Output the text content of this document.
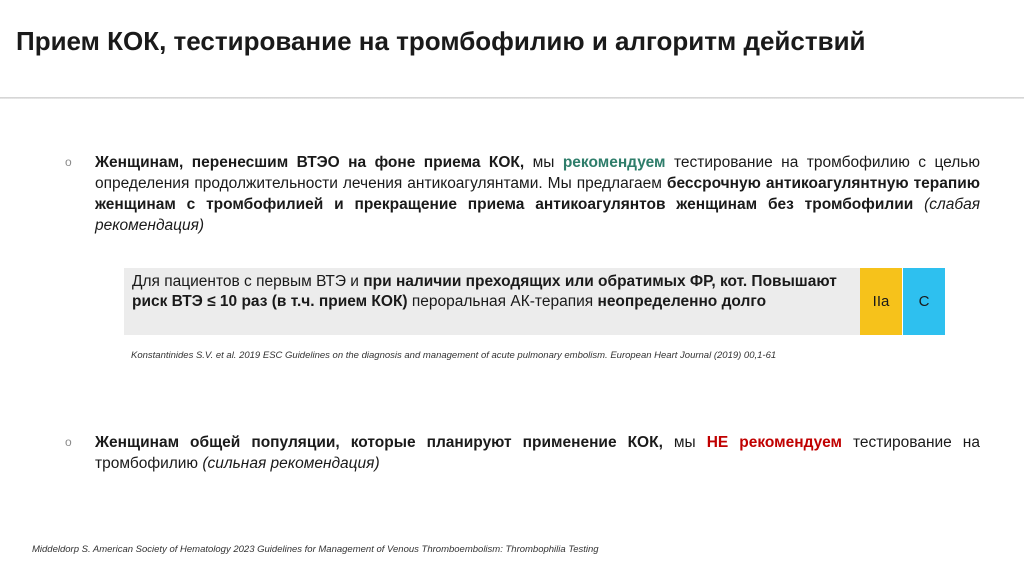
Прием КОК, тестирование на тромбофилию и алгоритм действий
o	Женщинам, перенесшим ВТЭО на фоне приема КОК, мы рекомендуем тестирование на тромбофилию с целью определения продолжительности лечения антикоагулянтами. Мы предлагаем бессрочную антикоагулянтную терапию женщинам с тромбофилией и прекращение приема антикоагулянтов женщинам без тромбофилии (слабая рекомендация)
Для пациентов с первым ВТЭ и при наличии преходящих или обратимых ФР, кот. Повышают риск ВТЭ ≤ 10 раз (в т.ч. прием КОК) пероральная АК-терапия неопределенно долго	IIa	C
Konstantinides S.V. et al. 2019 ESC Guidelines on the diagnosis and management of acute pulmonary embolism. European Heart Journal (2019) 00,1-61
o	Женщинам общей популяции, которые планируют применение КОК, мы НЕ рекомендуем тестирование на тромбофилию (сильная рекомендация)
Middeldorp S. American Society of Hematology 2023 Guidelines for Management of Venous Thromboembolism: Thrombophilia Testing
